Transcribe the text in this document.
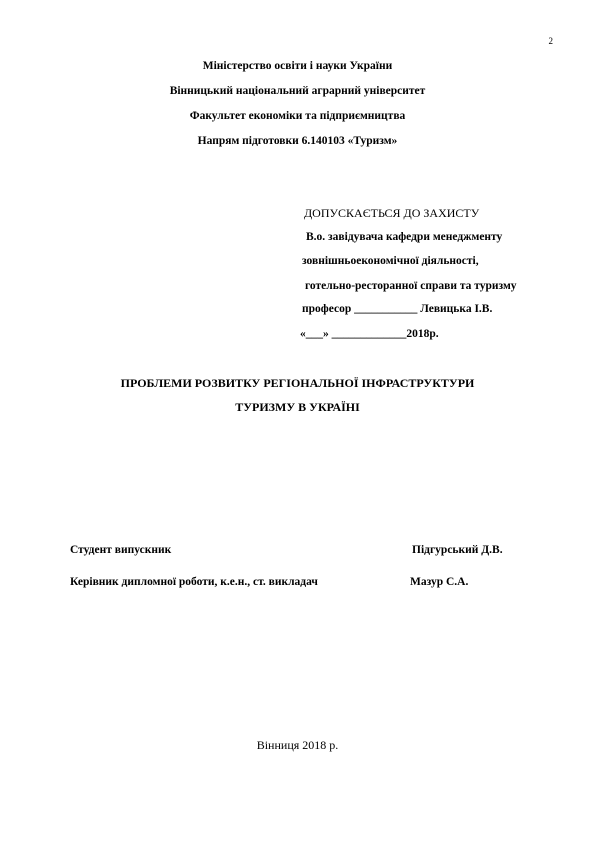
2
Міністерство освіти і науки України
Вінницький національний аграрний університет
Факультет економіки та підприємництва
Напрям підготовки 6.140103 «Туризм»
ДОПУСКАЄТЬСЯ ДО ЗАХИСТУ
В.о. завідувача кафедри менеджменту
зовнішньоекономічної діяльності,
готельно-ресторанної справи та туризму
професор ___________ Левицька І.В.
«___» _____________2018р.
ПРОБЛЕМИ РОЗВИТКУ РЕГІОНАЛЬНОЇ ІНФРАСТРУКТУРИ
ТУРИЗМУ В УКРАЇНІ
Студент випускник	Підгурський Д.В.
Керівник дипломної роботи, к.е.н., ст. викладач	Мазур С.А.
Вінниця 2018 р.
